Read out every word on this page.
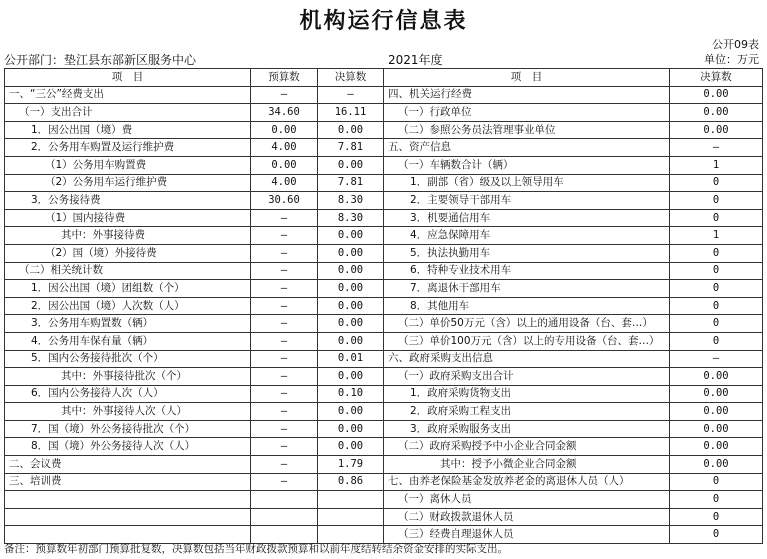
机构运行信息表
公开09表
公开部门：垫江县东部新区服务中心	2021年度	单位：万元
项　目	预算数	决算数	项　目	决算数
一、“三公”经费支出	—	—	四、机关运行经费	0.00
（一）支出合计	34.60	16.11	（一）行政单位	0.00
1．因公出国（境）费	0.00	0.00	（二）参照公务员法管理事业单位	0.00
2．公务用车购置及运行维护费	4.00	7.81	五、资产信息	—
（1）公务用车购置费	0.00	0.00	（一）车辆数合计（辆）	1
（2）公务用车运行维护费	4.00	7.81	1．副部（省）级及以上领导用车	0
3．公务接待费	30.60	8.30	2．主要领导干部用车	0
（1）国内接待费	—	8.30	3．机要通信用车	0
其中：外事接待费	—	0.00	4．应急保障用车	1
（2）国（境）外接待费	—	0.00	5．执法执勤用车	0
（二）相关统计数	—	0.00	6．特种专业技术用车	0
1．因公出国（境）团组数（个）	—	0.00	7．离退休干部用车	0
2．因公出国（境）人次数（人）	—	0.00	8．其他用车	0
3．公务用车购置数（辆）	—	0.00	（二）单价50万元（含）以上的通用设备（台、套…）	0
4．公务用车保有量（辆）	—	0.00	（三）单价100万元（含）以上的专用设备（台、套…）	0
5．国内公务接待批次（个）	—	0.01	六、政府采购支出信息	—
其中：外事接待批次（个）	—	0.00	（一）政府采购支出合计	0.00
6．国内公务接待人次（人）	—	0.10	1．政府采购货物支出	0.00
其中：外事接待人次（人）	—	0.00	2．政府采购工程支出	0.00
7．国（境）外公务接待批次（个）	—	0.00	3．政府采购服务支出	0.00
8．国（境）外公务接待人次（人）	—	0.00	（二）政府采购授予中小企业合同金额	0.00
二、会议费	—	1.79	其中：授予小微企业合同金额	0.00
三、培训费	—	0.86	七、由养老保险基金发放养老金的离退休人员（人）	0
			（一）离休人员	0
			（二）财政拨款退休人员	0
			（三）经费自理退休人员	0
备注：预算数年初部门预算批复数，决算数包括当年财政拨款预算和以前年度结转结余资金安排的实际支出。
